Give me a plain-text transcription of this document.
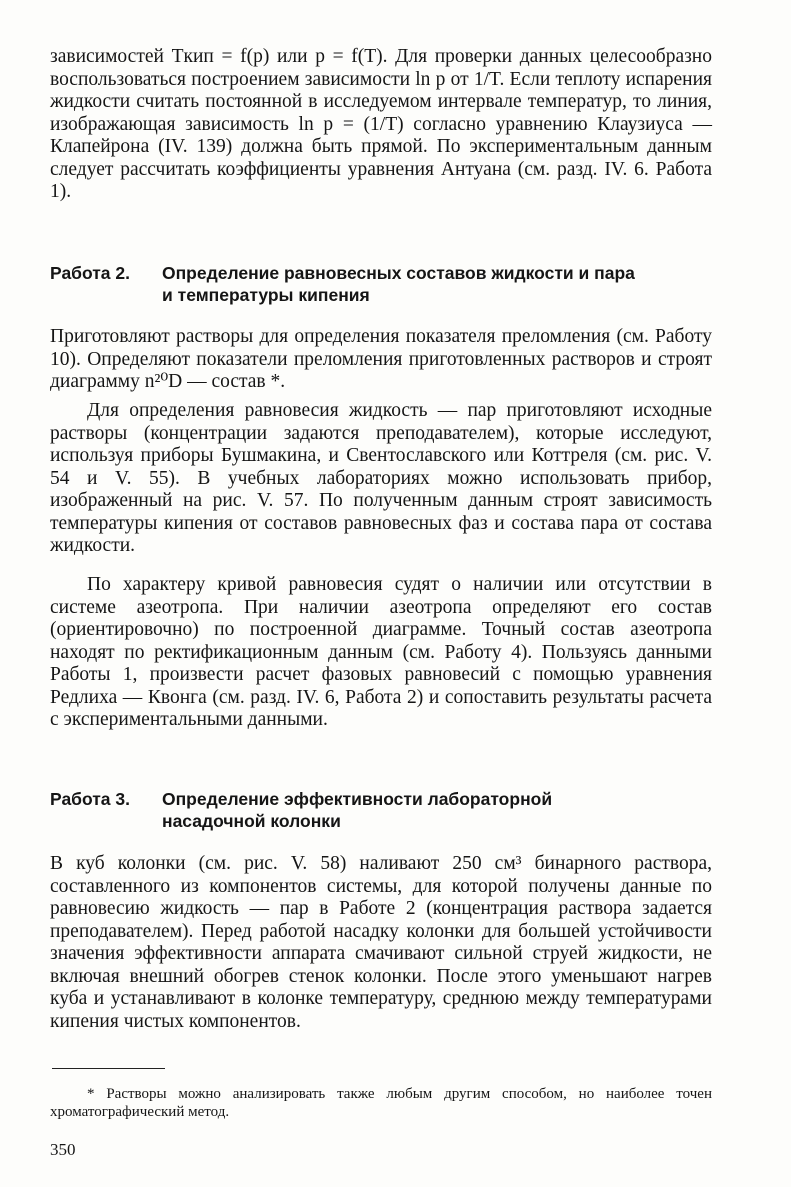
зависимостей Tкип = f(p) или p = f(T). Для проверки данных целесообразно воспользоваться построением зависимости ln p от 1/T. Если теплоту испарения жидкости считать постоянной в исследуемом интервале температур, то линия, изображающая зависимость ln p = (1/T) согласно уравнению Клаузиуса — Клапейрона (IV. 139) должна быть прямой. По экспериментальным данным следует рассчитать коэффициенты уравнения Антуана (см. разд. IV. 6. Работа 1).

Работа 2. Определение равновесных составов жидкости и пара
и температуры кипения

Приготовляют растворы для определения показателя преломления (см. Работу 10). Определяют показатели преломления приготовленных растворов и строят диаграмму n²⁰D — состав *.

Для определения равновесия жидкость — пар приготовляют исходные растворы (концентрации задаются преподавателем), которые исследуют, используя приборы Бушмакина, и Свентославского или Коттреля (см. рис. V. 54 и V. 55). В учебных лабораториях можно использовать прибор, изображенный на рис. V. 57. По полученным данным строят зависимость температуры кипения от составов равновесных фаз и состава пара от состава жидкости.

По характеру кривой равновесия судят о наличии или отсутствии в системе азеотропа. При наличии азеотропа определяют его состав (ориентировочно) по построенной диаграмме. Точный состав азеотропа находят по ректификационным данным (см. Работу 4). Пользуясь данными Работы 1, произвести расчет фазовых равновесий с помощью уравнения Редлиха — Квонга (см. разд. IV. 6, Работа 2) и сопоставить результаты расчета с экспериментальными данными.

Работа 3. Определение эффективности лабораторной
насадочной колонки

В куб колонки (см. рис. V. 58) наливают 250 см³ бинарного раствора, составленного из компонентов системы, для которой получены данные по равновесию жидкость — пар в Работе 2 (концентрация раствора задается преподавателем). Перед работой насадку колонки для большей устойчивости значения эффективности аппарата смачивают сильной струей жидкости, не включая внешний обогрев стенок колонки. После этого уменьшают нагрев куба и устанавливают в колонке температуру, среднюю между температурами кипения чистых компонентов.

* Растворы можно анализировать также любым другим способом, но наиболее точен хроматографический метод.

350
